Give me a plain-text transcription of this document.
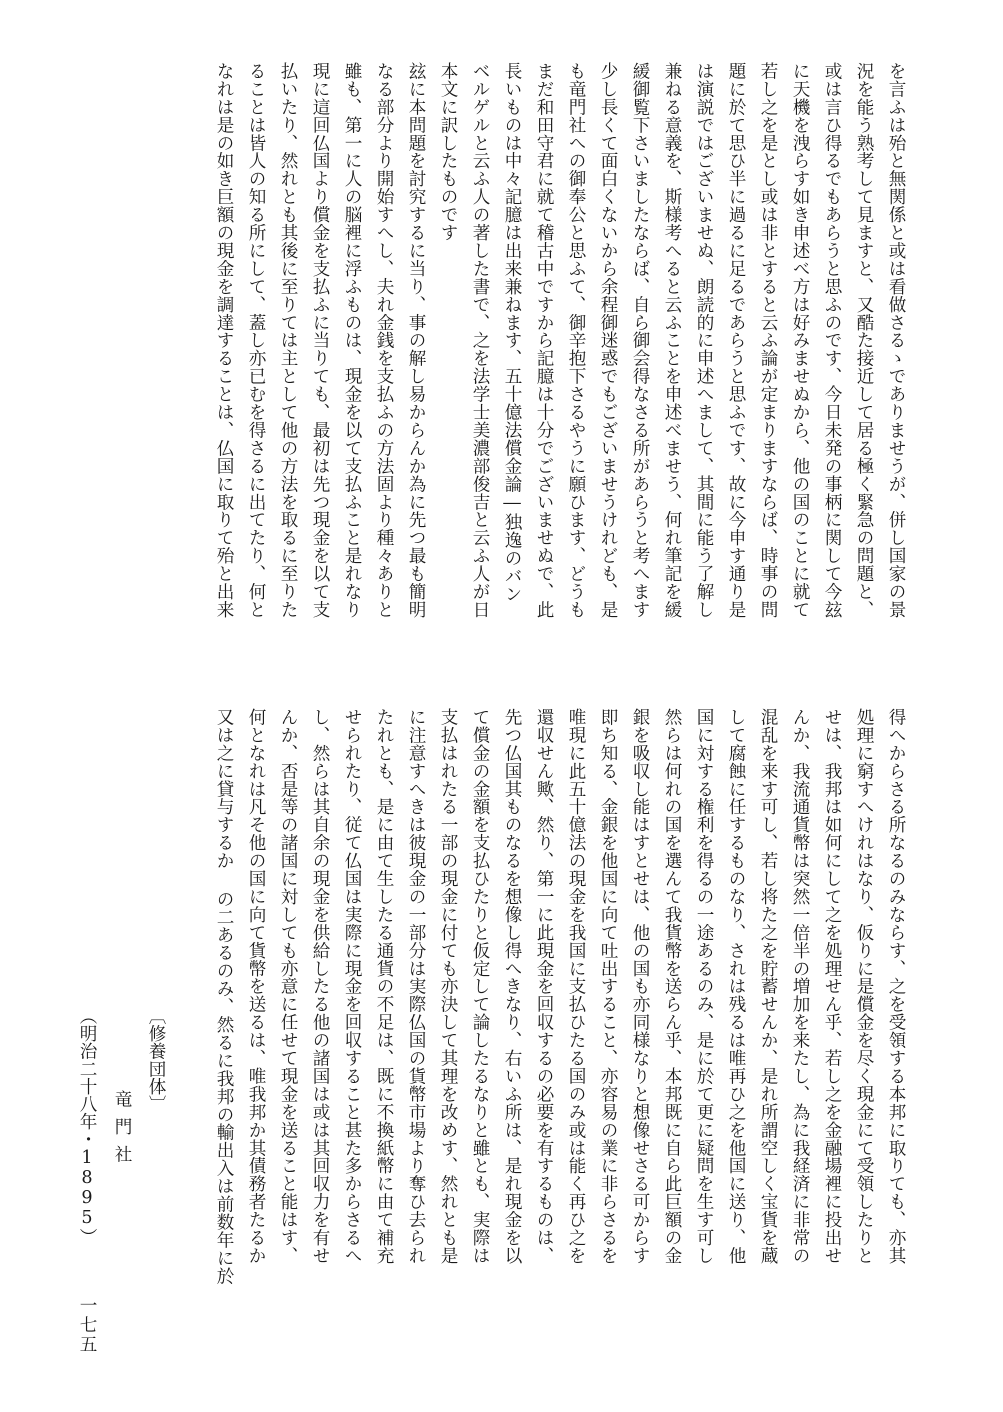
を言ふは殆と無関係と或は看做さるゝでありませうが、併し国家の景
況を能う熟考して見ますと、又酷た接近して居る極く緊急の問題と、
或は言ひ得るでもあらうと思ふのです、今日未発の事柄に関して今玆
に天機を洩らす如き申述べ方は好みませぬから、他の国のことに就て
若し之を是とし或は非とすると云ふ論が定まりますならば、時事の問
題に於て思ひ半に過るに足るであらうと思ふです、故に今申す通り是
は演説ではございませぬ、朗読的に申述へまして、其間に能う了解し
兼ねる意義を、斯様考へると云ふことを申述べませう、何れ筆記を緩
緩御覧下さいましたならば、自ら御会得なさる所があらうと考へます
少し長くて面白くないから余程御迷惑でもございませうけれども、是
も竜門社への御奉公と思ふて、御辛抱下さるやうに願ひます、どうも
まだ和田守君に就て稽古中ですから記臆は十分でございませぬで、此
長いものは中々記臆は出来兼ねます、五十億法償金論―独逸のバン
ベルゲルと云ふ人の著した書で、之を法学士美濃部俊吉と云ふ人が日
本文に訳したものです
玆に本問題を討究するに当り、事の解し易からんか為に先つ最も簡明
なる部分より開始すへし、夫れ金銭を支払ふの方法固より種々ありと
雖も、第一に人の脳裡に浮ふものは、現金を以て支払ふこと是れなり
現に這回仏国より償金を支払ふに当りても、最初は先つ現金を以て支
払いたり、然れとも其後に至りては主として他の方法を取るに至りた
ることは皆人の知る所にして、蓋し亦已むを得さるに出てたり、何と
なれは是の如き巨額の現金を調達することは、仏国に取りて殆と出来
〔修養団体〕
竜門社
（明治二十八年・1895）	得へからさる所なるのみならす、之を受領する本邦に取りても、亦其
処理に窮すへけれはなり、仮りに是償金を尽く現金にて受領したりと
せは、我邦は如何にして之を処理せん乎、若し之を金融場裡に投出せ
んか、我流通貨幣は突然一倍半の増加を来たし、為に我経済に非常の
混乱を来す可し、若し将た之を貯蓄せんか、是れ所謂空しく宝貨を蔵
して腐蝕に任するものなり、されは残るは唯再ひ之を他国に送り、他
国に対する権利を得るの一途あるのみ、是に於て更に疑問を生す可し
然らは何れの国を選んて我貨幣を送らん乎、本邦既に自ら此巨額の金
銀を吸収し能はすとせは、他の国も亦同様なりと想像せさる可からす
即ち知る、金銀を他国に向て吐出すること、亦容易の業に非らさるを
唯現に此五十億法の現金を我国に支払ひたる国のみ或は能く再ひ之を
還収せん歟、然り、第一に此現金を回収するの必要を有するものは、
先つ仏国其ものなるを想像し得へきなり、右いふ所は、是れ現金を以
て償金の金額を支払ひたりと仮定して論したるなりと雖とも、実際は
支払はれたる一部の現金に付ても亦決して其理を改めす、然れとも是
に注意すへきは彼現金の一部分は実際仏国の貨幣市場より奪ひ去られ
たれとも、是に由て生したる通貨の不足は、既に不換紙幣に由て補充
せられたり、従て仏国は実際に現金を回収すること甚た多からさるへ
し、然らは其自余の現金を供給したる他の諸国は或は其回収力を有せ
んか、否是等の諸国に対しても亦意に任せて現金を送ること能はす、
何となれは凡そ他の国に向て貨幣を送るは、唯我邦か其債務者たるか
又は之に貸与するか の二あるのみ、然るに我邦の輸出入は前数年に於
一七五
